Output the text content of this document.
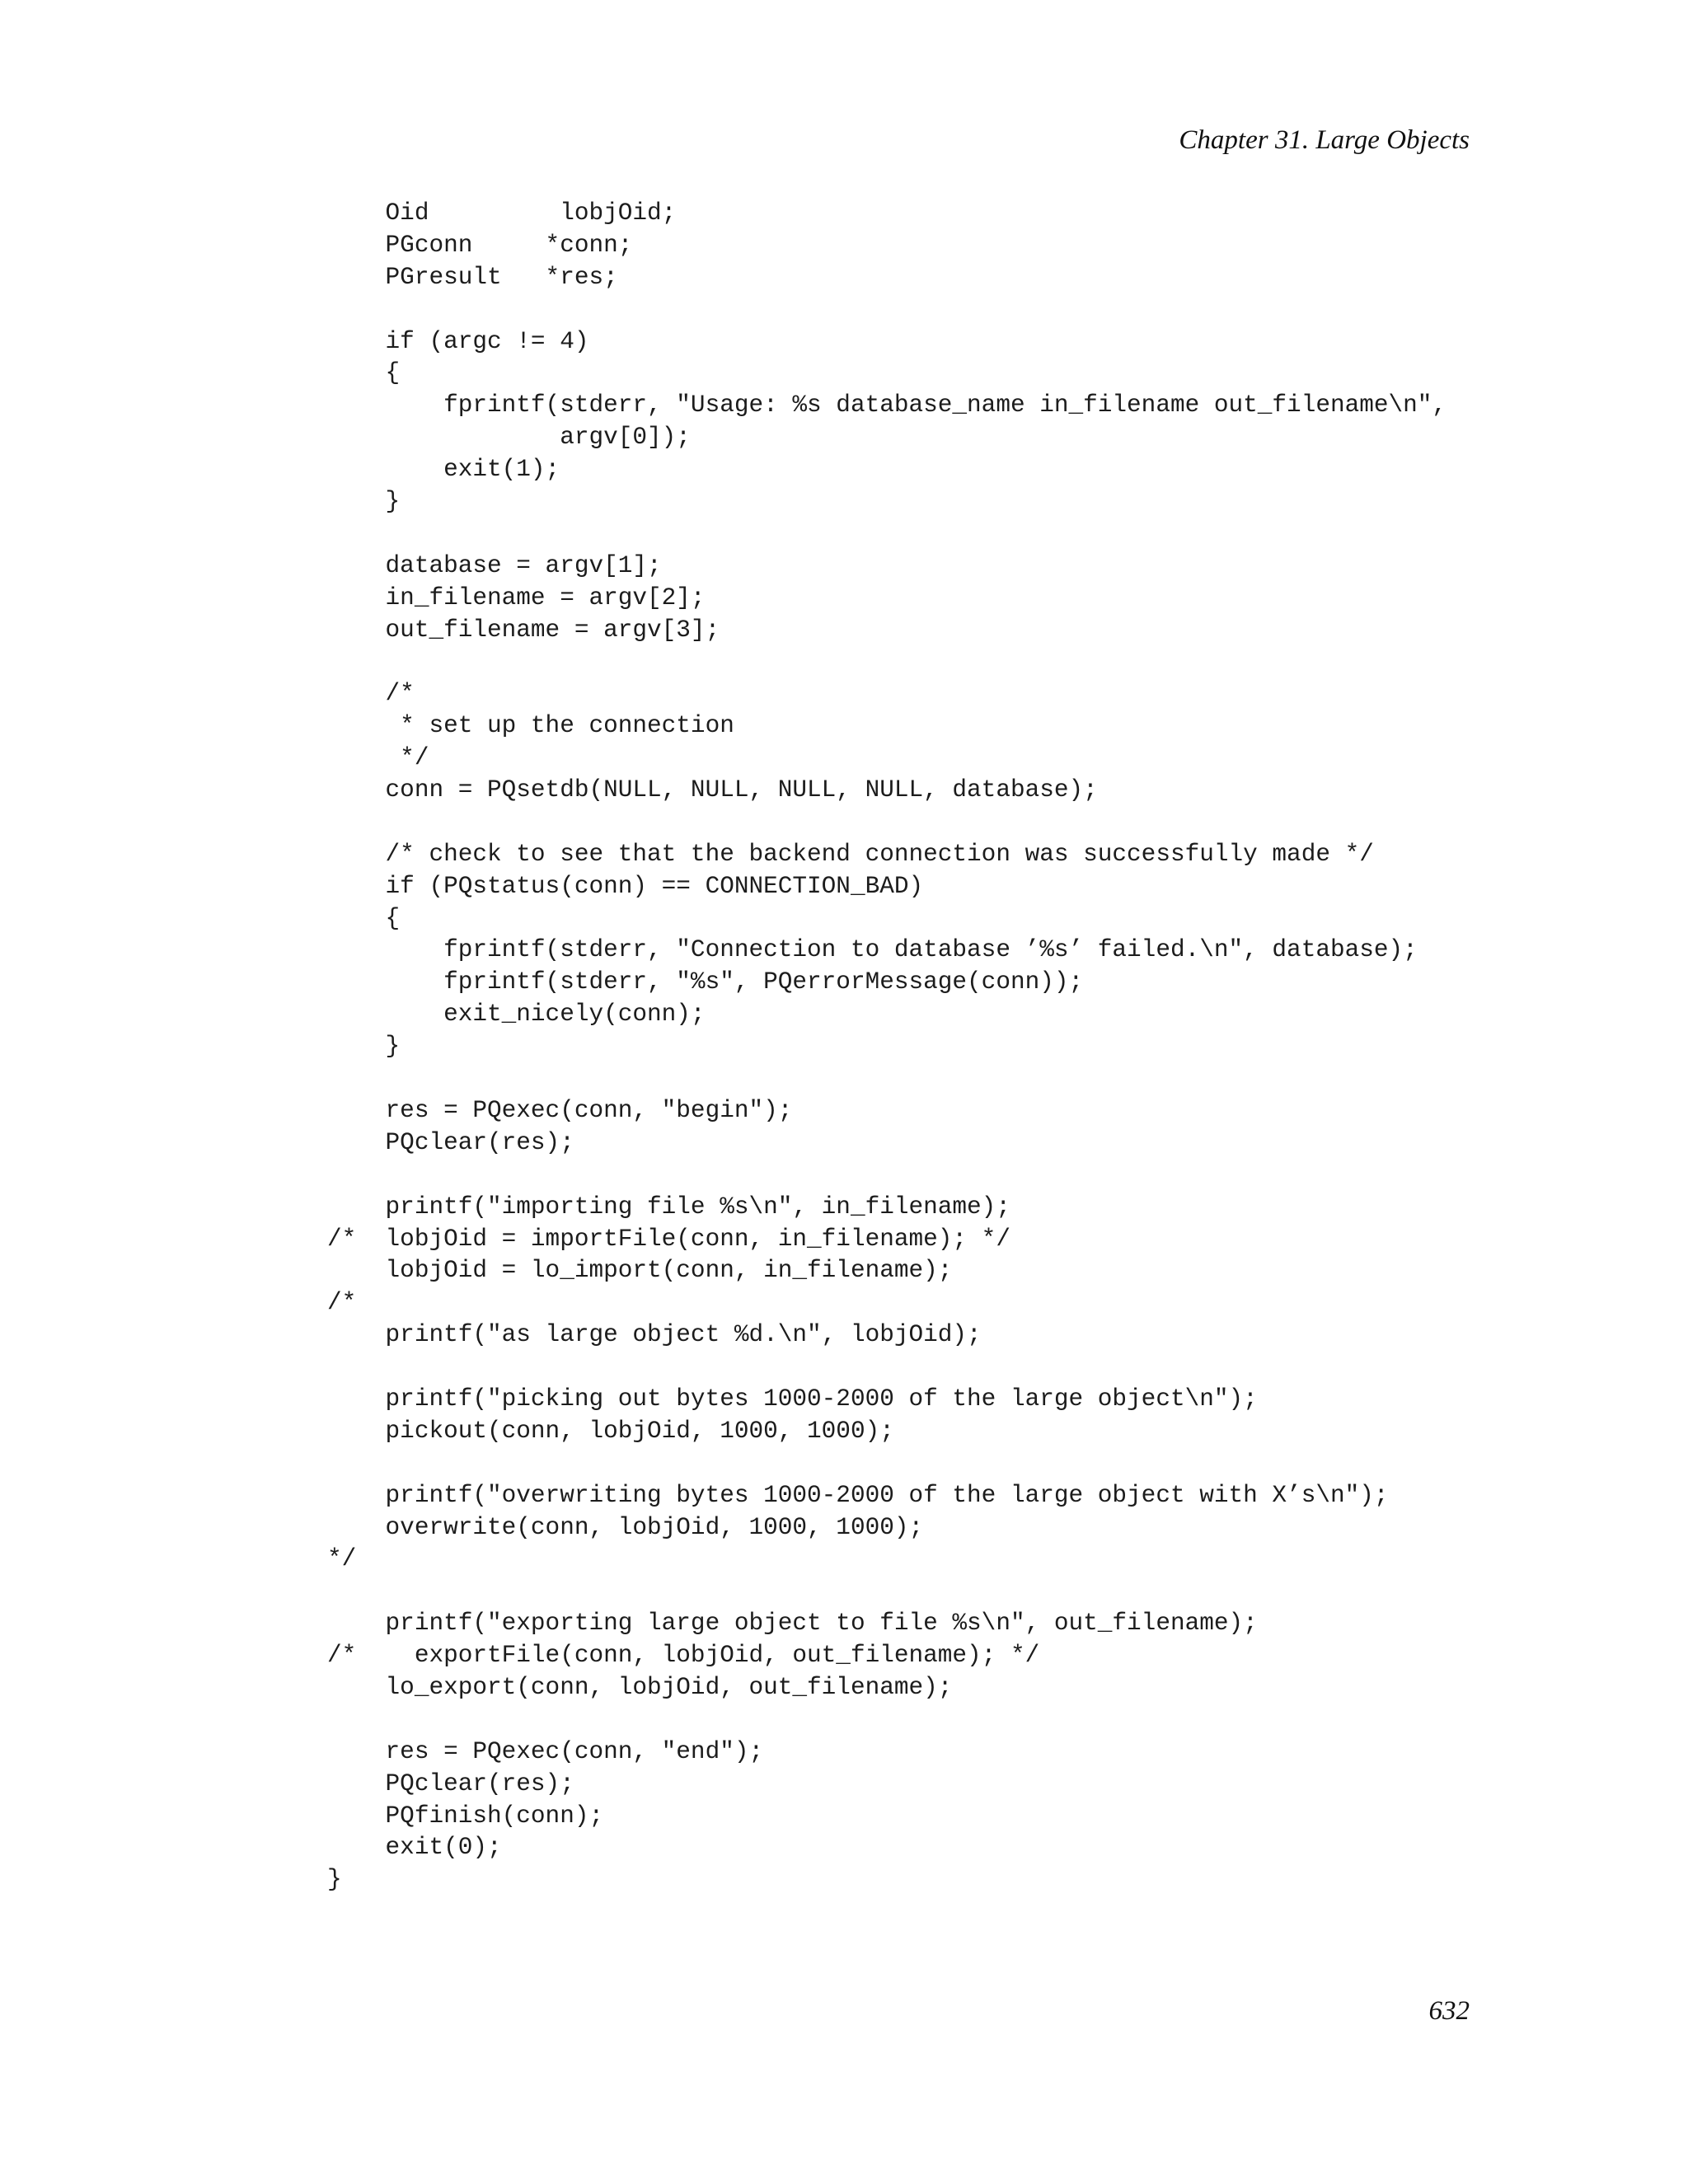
Chapter 31. Large Objects

Oid         lobjOid;
PGconn     *conn;
PGresult   *res;
if (argc != 4)
{
fprintf(stderr, "Usage: %s database_name in_filename out_filename\n",
argv[0]);
exit(1);
}
database = argv[1];
in_filename = argv[2];
out_filename = argv[3];
/*
* set up the connection
*/
conn = PQsetdb(NULL, NULL, NULL, NULL, database);
/* check to see that the backend connection was successfully made */
if (PQstatus(conn) == CONNECTION_BAD)
{
fprintf(stderr, "Connection to database ’%s’ failed.\n", database);
fprintf(stderr, "%s", PQerrorMessage(conn));
exit_nicely(conn);
}
res = PQexec(conn, "begin");
PQclear(res);
printf("importing file %s\n", in_filename);
/*  lobjOid = importFile(conn, in_filename); */
lobjOid = lo_import(conn, in_filename);
/*
printf("as large object %d.\n", lobjOid);
printf("picking out bytes 1000-2000 of the large object\n");
pickout(conn, lobjOid, 1000, 1000);
printf("overwriting bytes 1000-2000 of the large object with X’s\n");
overwrite(conn, lobjOid, 1000, 1000);
*/
printf("exporting large object to file %s\n", out_filename);
/*    exportFile(conn, lobjOid, out_filename); */
lo_export(conn, lobjOid, out_filename);
res = PQexec(conn, "end");
PQclear(res);
PQfinish(conn);
exit(0);
}

632
